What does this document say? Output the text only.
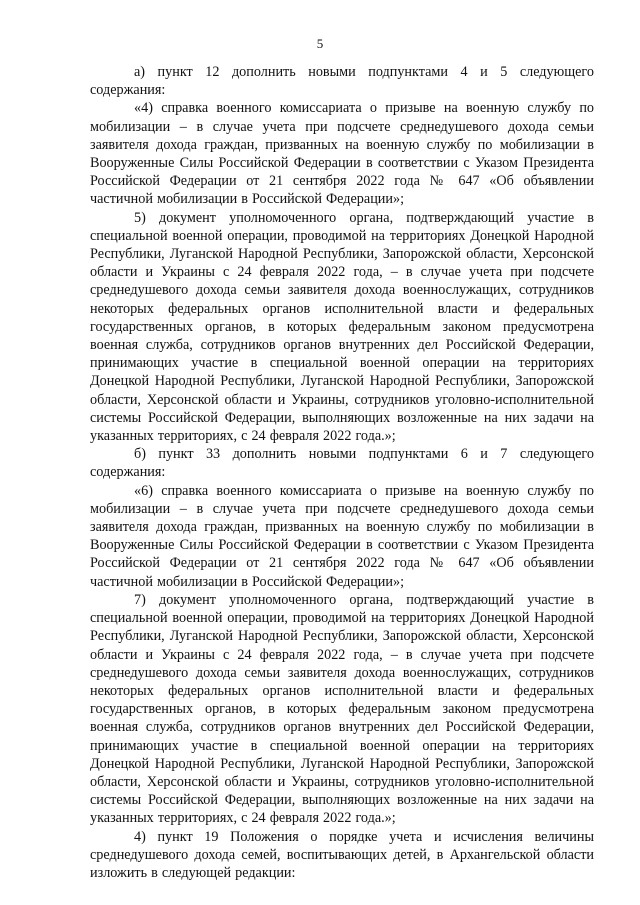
5

а) пункт 12 дополнить новыми подпунктами 4 и 5 следующего содержания:

«4) справка военного комиссариата о призыве на военную службу по мобилизации – в случае учета при подсчете среднедушевого дохода семьи заявителя дохода граждан, призванных на военную службу по мобилизации в Вооруженные Силы Российской Федерации в соответствии с Указом Президента Российской Федерации от 21 сентября 2022 года № 647 «Об объявлении частичной мобилизации в Российской Федерации»;

5) документ уполномоченного органа, подтверждающий участие в специальной военной операции, проводимой на территориях Донецкой Народной Республики, Луганской Народной Республики, Запорожской области, Херсонской области и Украины с 24 февраля 2022 года, – в случае учета при подсчете среднедушевого дохода семьи заявителя дохода военнослужащих, сотрудников некоторых федеральных органов исполнительной власти и федеральных государственных органов, в которых федеральным законом предусмотрена военная служба, сотрудников органов внутренних дел Российской Федерации, принимающих участие в специальной военной операции на территориях Донецкой Народной Республики, Луганской Народной Республики, Запорожской области, Херсонской области и Украины, сотрудников уголовно-исполнительной системы Российской Федерации, выполняющих возложенные на них задачи на указанных территориях, с 24 февраля 2022 года.»;

б) пункт 33 дополнить новыми подпунктами 6 и 7 следующего содержания:

«6) справка военного комиссариата о призыве на военную службу по мобилизации – в случае учета при подсчете среднедушевого дохода семьи заявителя дохода граждан, призванных на военную службу по мобилизации в Вооруженные Силы Российской Федерации в соответствии с Указом Президента Российской Федерации от 21 сентября 2022 года № 647 «Об объявлении частичной мобилизации в Российской Федерации»;

7) документ уполномоченного органа, подтверждающий участие в специальной военной операции, проводимой на территориях Донецкой Народной Республики, Луганской Народной Республики, Запорожской области, Херсонской области и Украины с 24 февраля 2022 года, – в случае учета при подсчете среднедушевого дохода семьи заявителя дохода военнослужащих, сотрудников некоторых федеральных органов исполнительной власти и федеральных государственных органов, в которых федеральным законом предусмотрена военная служба, сотрудников органов внутренних дел Российской Федерации, принимающих участие в специальной военной операции на территориях Донецкой Народной Республики, Луганской Народной Республики, Запорожской области, Херсонской области и Украины, сотрудников уголовно-исполнительной системы Российской Федерации, выполняющих возложенные на них задачи на указанных территориях, с 24 февраля 2022 года.»;

4) пункт 19 Положения о порядке учета и исчисления величины среднедушевого дохода семей, воспитывающих детей, в Архангельской области изложить в следующей редакции:
